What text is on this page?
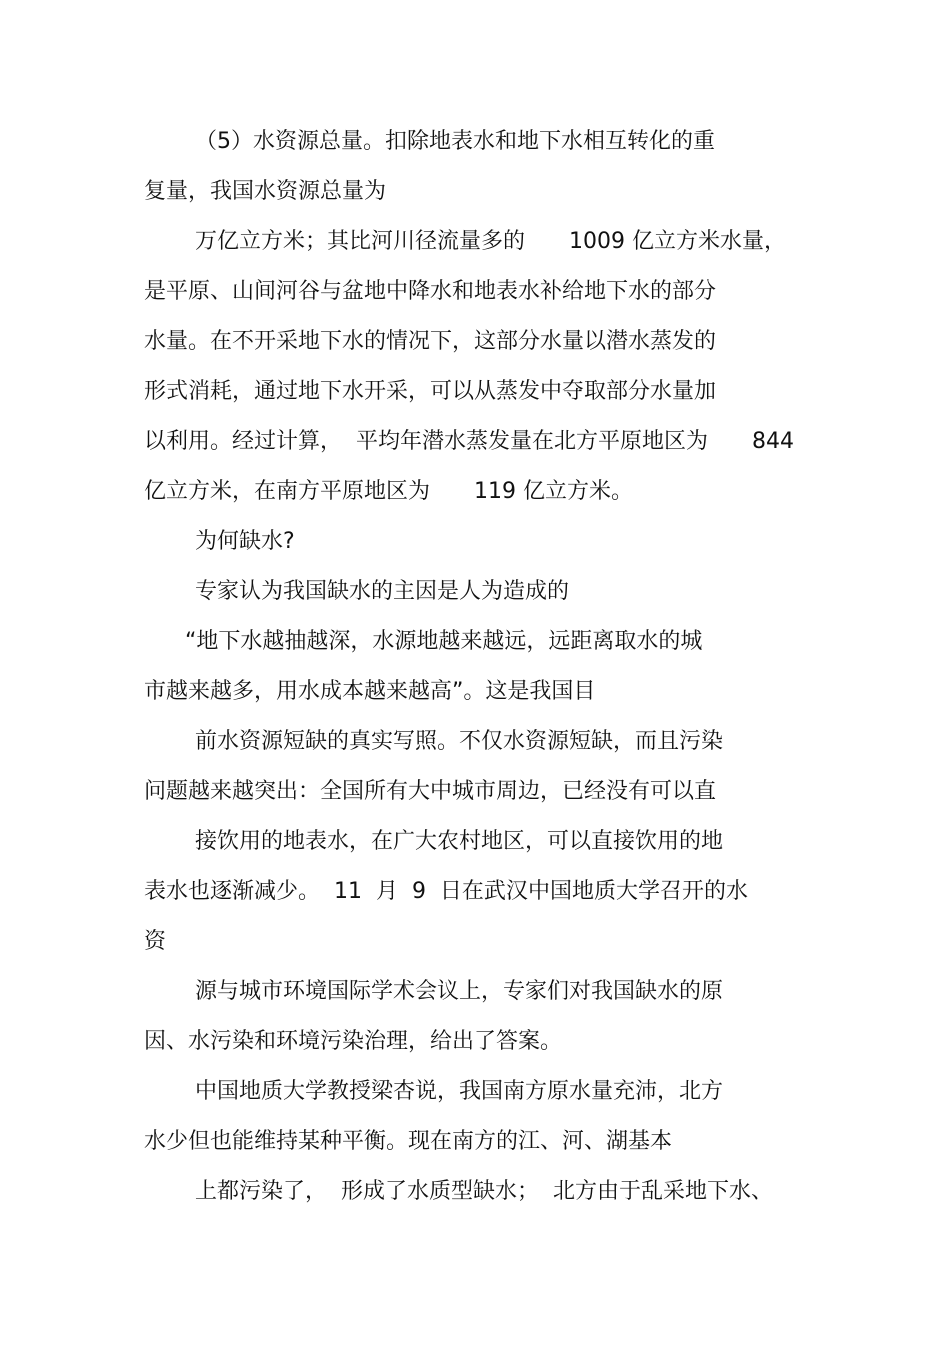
（5）水资源总量。扣除地表水和地下水相互转化的重
复量，我国水资源总量为
万亿立方米；其比河川径流量多的　　1009 亿立方米水量，
是平原、山间河谷与盆地中降水和地表水补给地下水的部分
水量。在不开采地下水的情况下，这部分水量以潜水蒸发的
形式消耗，通过地下水开采，可以从蒸发中夺取部分水量加
以利用。经过计算，  平均年潜水蒸发量在北方平原地区为　　844
亿立方米，在南方平原地区为　　119 亿立方米。
为何缺水?
专家认为我国缺水的主因是人为造成的
“地下水越抽越深，水源地越来越远，远距离取水的城
市越来越多，用水成本越来越高”。这是我国目
前水资源短缺的真实写照。不仅水资源短缺，而且污染
问题越来越突出：全国所有大中城市周边，已经没有可以直
接饮用的地表水，在广大农村地区，可以直接饮用的地
表水也逐渐减少。  11  月  9  日在武汉中国地质大学召开的水
资
源与城市环境国际学术会议上，专家们对我国缺水的原
因、水污染和环境污染治理，给出了答案。
中国地质大学教授梁杏说，我国南方原水量充沛，北方
水少但也能维持某种平衡。现在南方的江、河、湖基本
上都污染了，  形成了水质型缺水；  北方由于乱采地下水、
